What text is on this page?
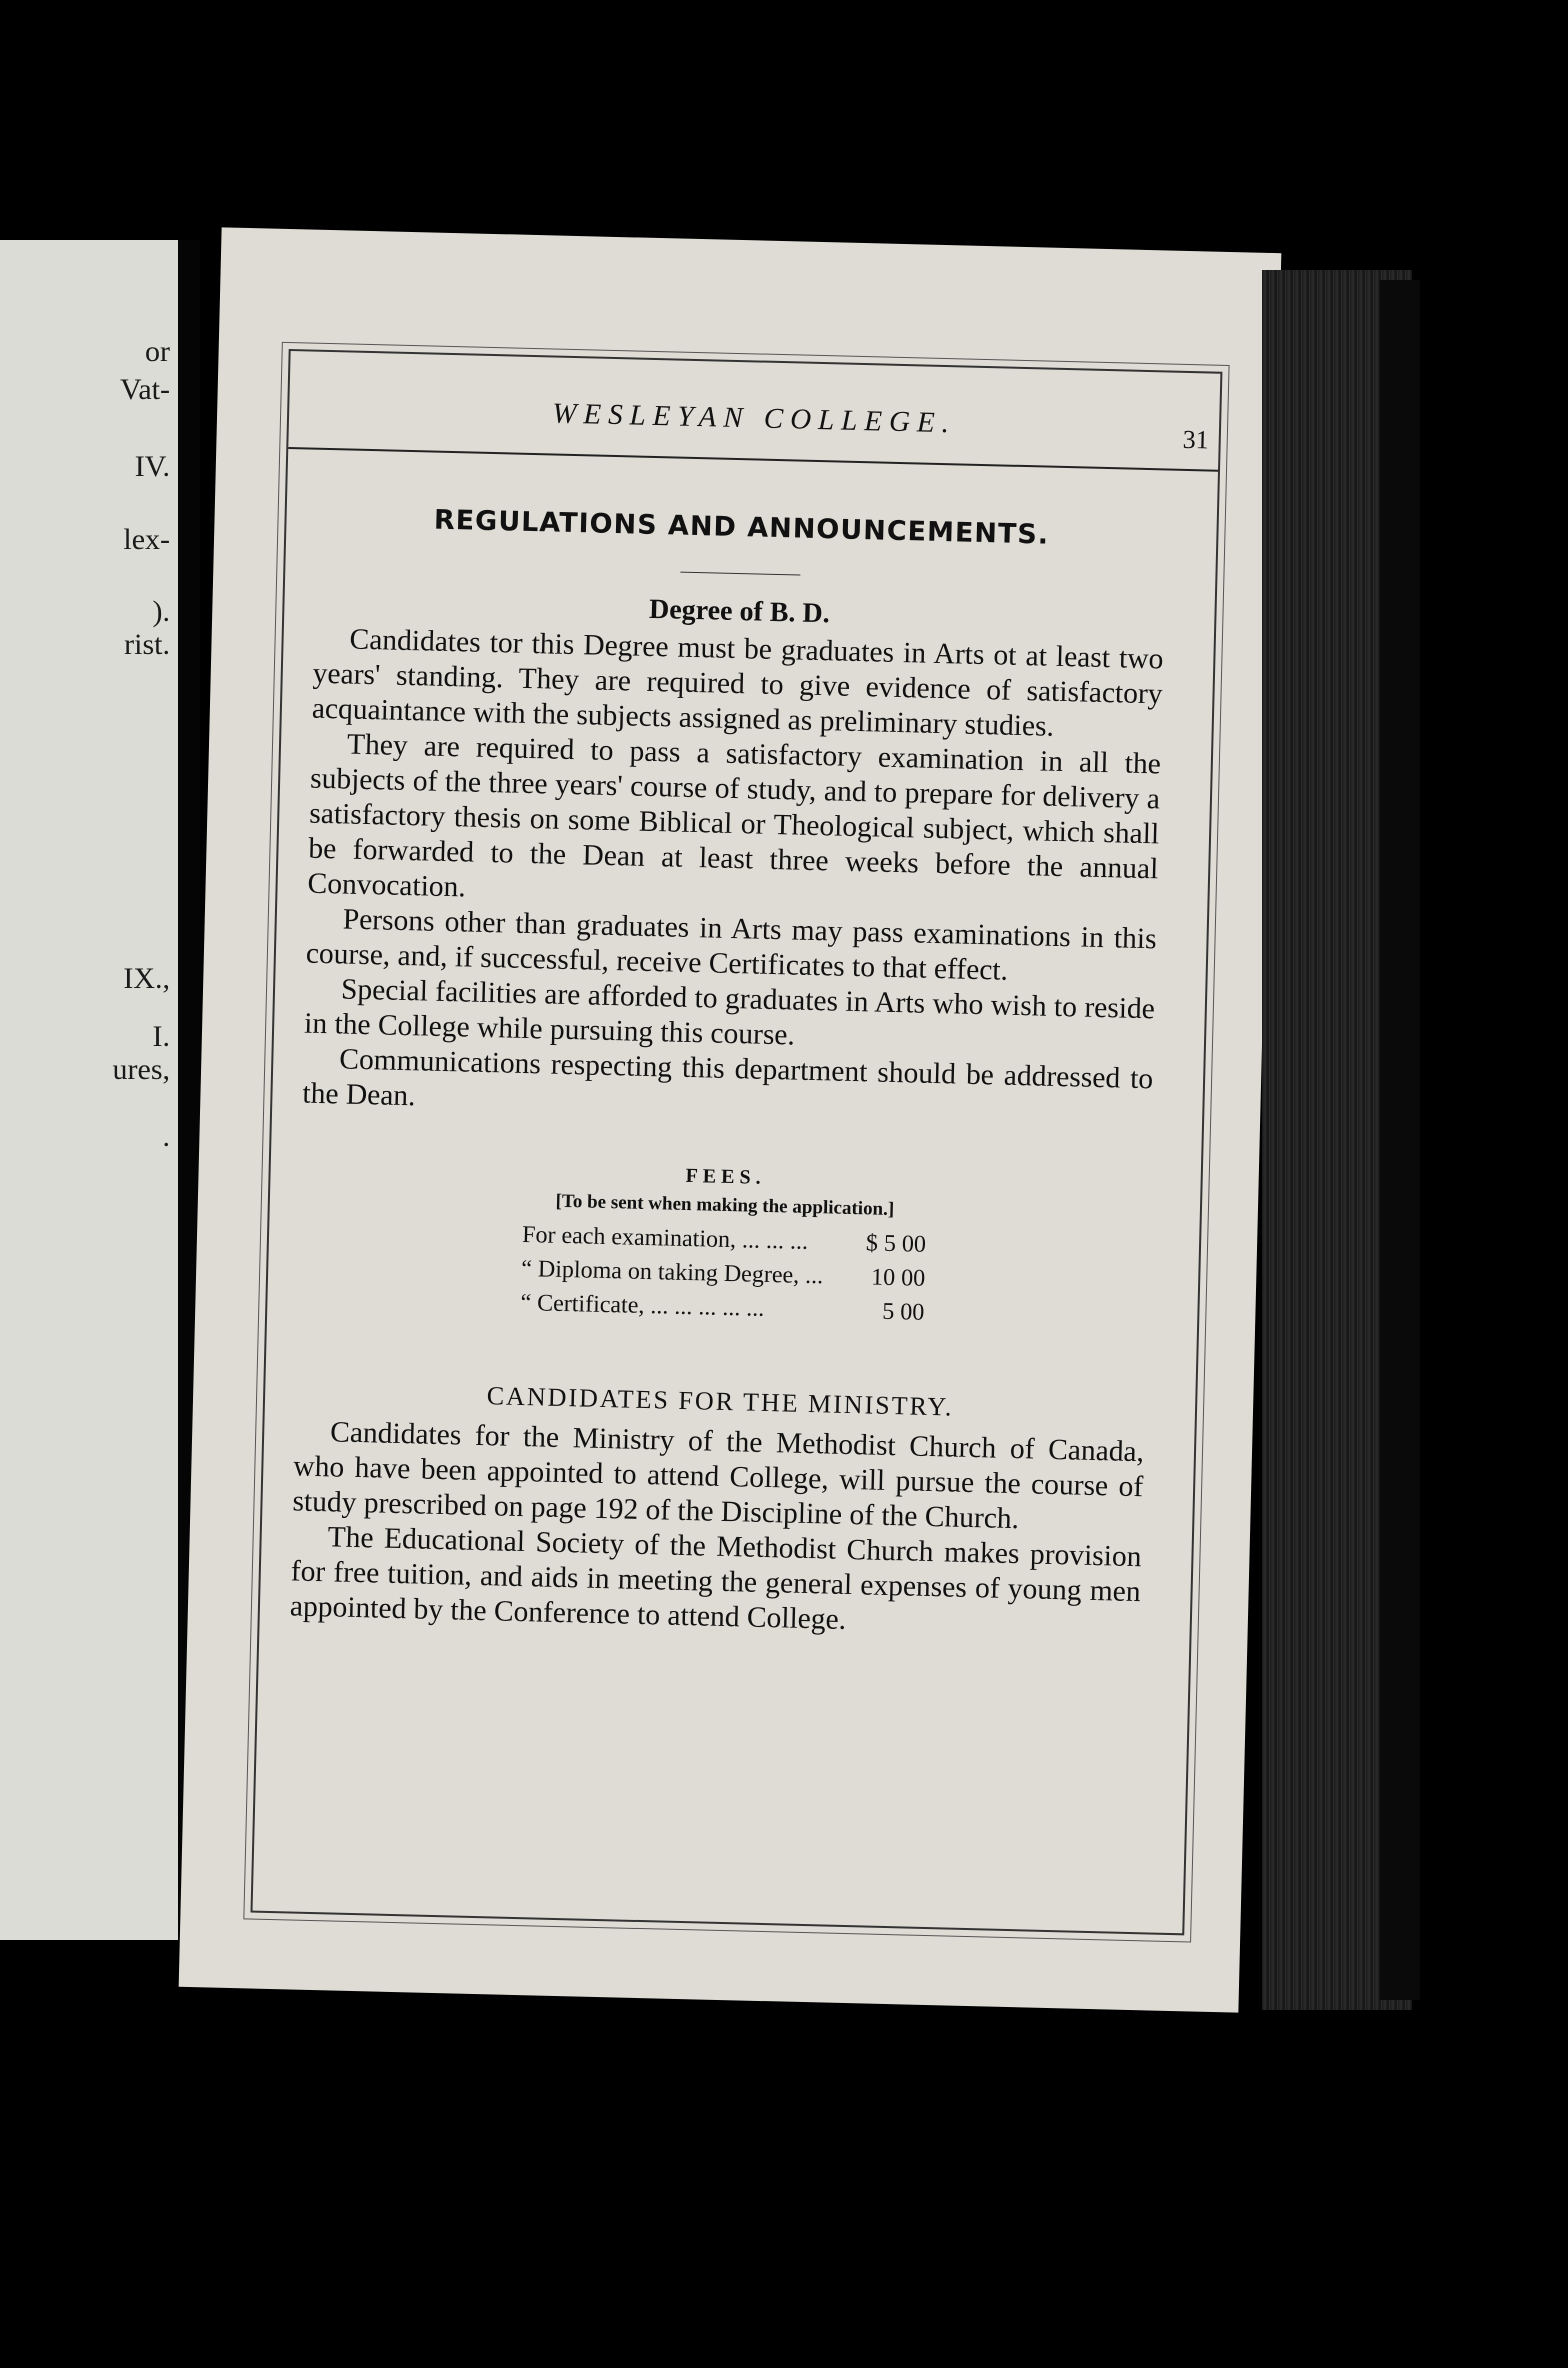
or
Vat-
IV.
lex-
).
rist.
IX.,
I.
ures,
.
WESLEYAN COLLEGE.
31
REGULATIONS AND ANNOUNCEMENTS.
Degree of B. D.

Candidates tor this Degree must be graduates in Arts ot at least two years' standing. They are required to give evidence of satisfactory acquaintance with the subjects assigned as preliminary studies.

They are required to pass a satisfactory examination in all the subjects of the three years' course of study, and to prepare for delivery a satisfactory thesis on some Biblical or Theological subject, which shall be forwarded to the Dean at least three weeks before the annual Convocation.

Persons other than graduates in Arts may pass examinations in this course, and, if successful, receive Certificates to that effect.

Special facilities are afforded to graduates in Arts who wish to reside in the College while pursuing this course.

Communications respecting this department should be addressed to the Dean.

FEES.
[To be sent when making the application.]
For each examination, ... ... ...	$ 5 00
“ Diploma on taking Degree, ...	10 00
“ Certificate, ... ... ... ... ...	5 00
CANDIDATES FOR THE MINISTRY.

Candidates for the Ministry of the Methodist Church of Canada, who have been appointed to attend College, will pursue the course of study prescribed on page 192 of the Discipline of the Church.

The Educational Society of the Methodist Church makes provision for free tuition, and aids in meeting the general expenses of young men appointed by the Conference to attend College.
